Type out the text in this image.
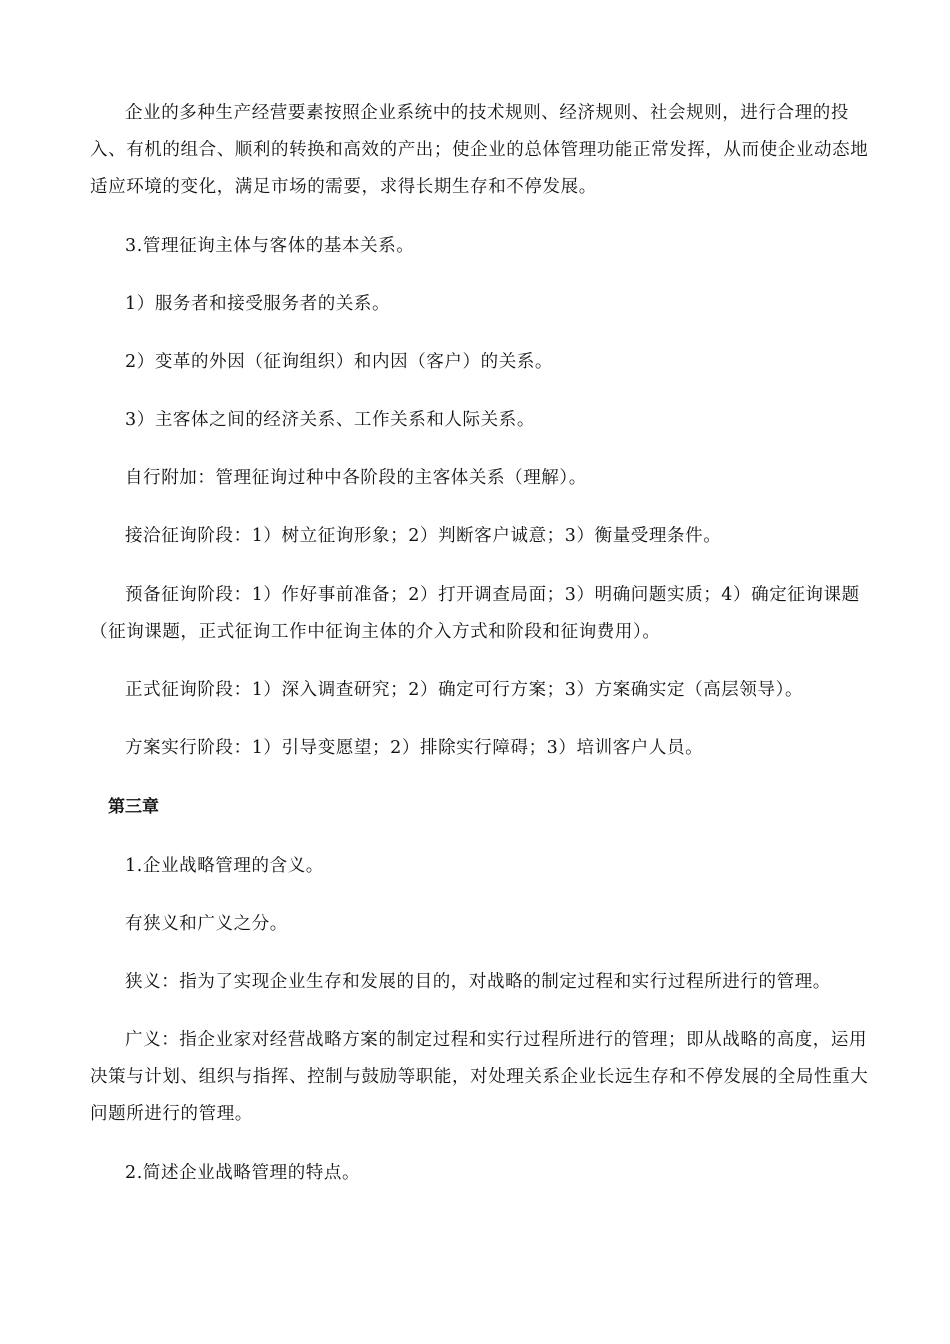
企业的多种生产经营要素按照企业系统中的技术规则、经济规则、社会规则，进行合理的投入、有机的组合、顺利的转换和高效的产出；使企业的总体管理功能正常发挥，从而使企业动态地适应环境的变化，满足市场的需要，求得长期生存和不停发展。

3.管理征询主体与客体的基本关系。

1）服务者和接受服务者的关系。

2）变革的外因（征询组织）和内因（客户）的关系。

3）主客体之间的经济关系、工作关系和人际关系。

自行附加：管理征询过种中各阶段的主客体关系（理解）。

接洽征询阶段：1）树立征询形象；2）判断客户诚意；3）衡量受理条件。

预备征询阶段：1）作好事前准备；2）打开调查局面；3）明确问题实质；4）确定征询课题（征询课题，正式征询工作中征询主体的介入方式和阶段和征询费用）。

正式征询阶段：1）深入调查研究；2）确定可行方案；3）方案确实定（高层领导）。

方案实行阶段：1）引导变愿望；2）排除实行障碍；3）培训客户人员。

第三章

1.企业战略管理的含义。

有狭义和广义之分。

狭义：指为了实现企业生存和发展的目的，对战略的制定过程和实行过程所进行的管理。

广义：指企业家对经营战略方案的制定过程和实行过程所进行的管理；即从战略的高度，运用决策与计划、组织与指挥、控制与鼓励等职能，对处理关系企业长远生存和不停发展的全局性重大问题所进行的管理。

2.简述企业战略管理的特点。
